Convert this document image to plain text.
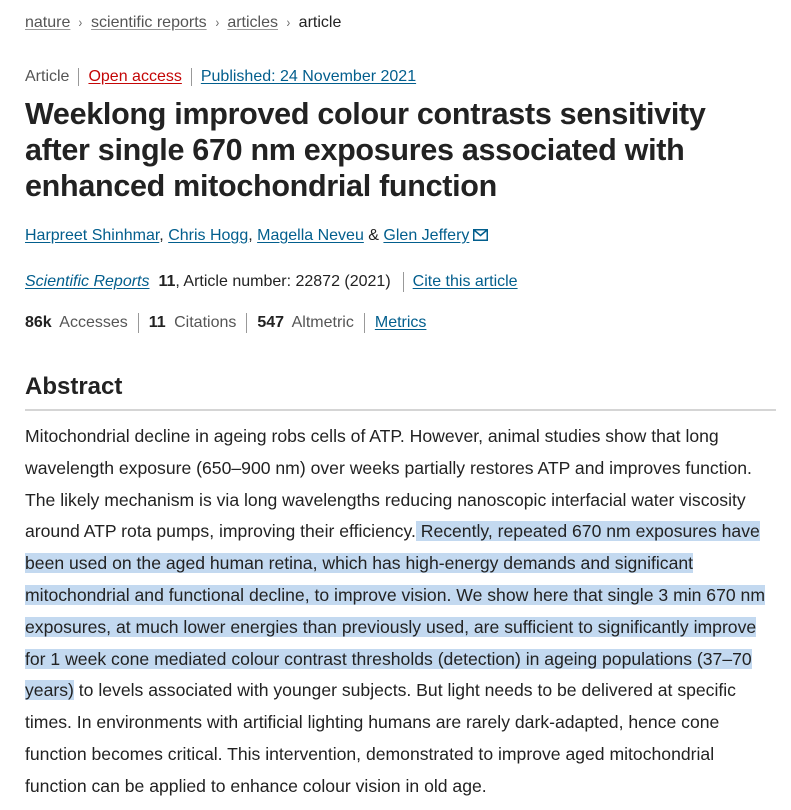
nature › scientific reports › articles › article
Article	Open access	Published: 24 November 2021
Weeklong improved colour contrasts sensitivity after single 670 nm exposures associated with enhanced mitochondrial function
Harpreet Shinhmar, Chris Hogg, Magella Neveu & Glen Jeffery
Scientific Reports 11 , Article number: 22872 (2021) Cite this article
86k Accesses	11 Citations	547 Altmetric	Metrics
Abstract

Mitochondrial decline in ageing robs cells of ATP. However, animal studies show that long wavelength exposure (650–900 nm) over weeks partially restores ATP and improves function. The likely mechanism is via long wavelengths reducing nanoscopic interfacial water viscosity around ATP rota pumps, improving their efficiency. Recently, repeated 670 nm exposures have been used on the aged human retina, which has high-energy demands and significant mitochondrial and functional decline, to improve vision. We show here that single 3 min 670 nm exposures, at much lower energies than previously used, are sufficient to significantly improve for 1 week cone mediated colour contrast thresholds (detection) in ageing populations (37–70 years) to levels associated with younger subjects. But light needs to be delivered at specific times. In environments with artificial lighting humans are rarely dark-adapted, hence cone function becomes critical. This intervention, demonstrated to improve aged mitochondrial function can be applied to enhance colour vision in old age.
